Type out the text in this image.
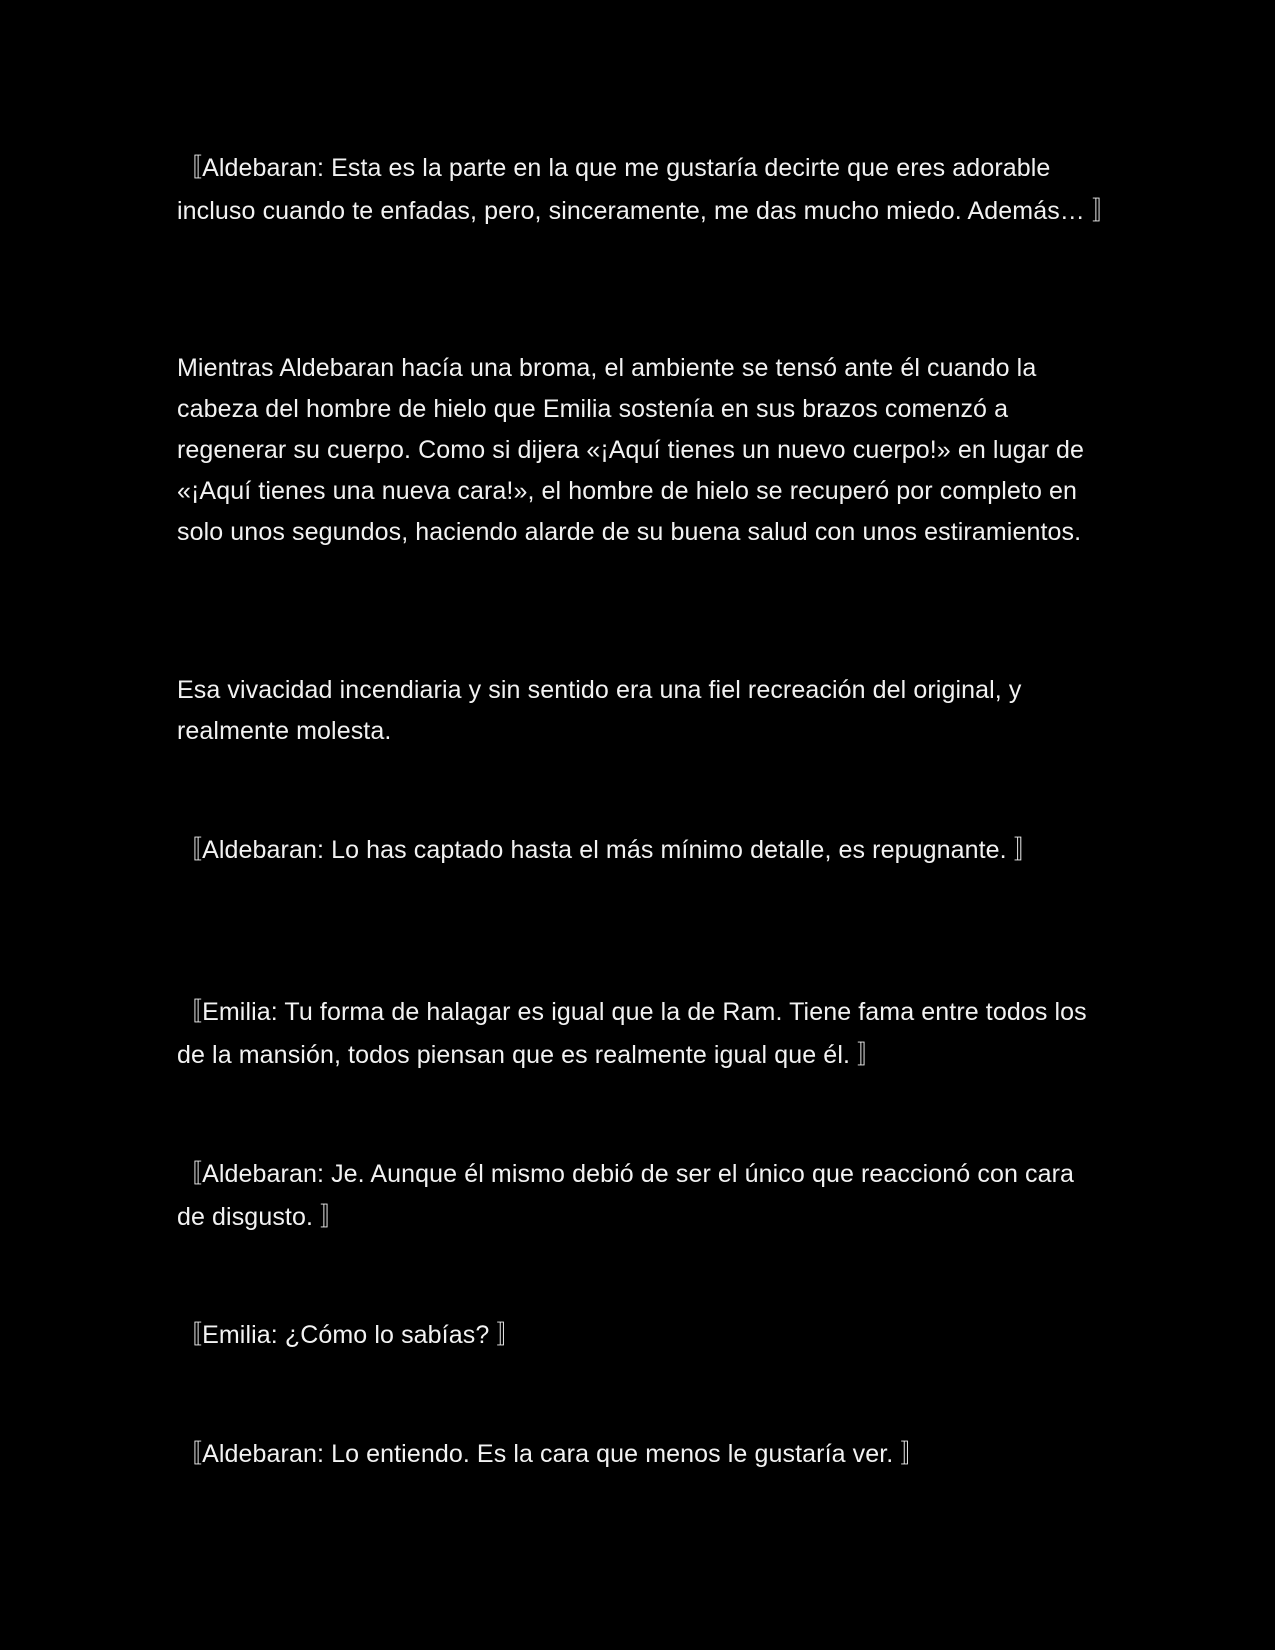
〚Aldebaran: Esta es la parte en la que me gustaría decirte que eres adorable incluso cuando te enfadas, pero, sinceramente, me das mucho miedo. Además… 〛

Mientras Aldebaran hacía una broma, el ambiente se tensó ante él cuando la cabeza del hombre de hielo que Emilia sostenía en sus brazos comenzó a regenerar su cuerpo. Como si dijera «¡Aquí tienes un nuevo cuerpo!» en lugar de «¡Aquí tienes una nueva cara!», el hombre de hielo se recuperó por completo en solo unos segundos, haciendo alarde de su buena salud con unos estiramientos.

Esa vivacidad incendiaria y sin sentido era una fiel recreación del original, y realmente molesta.

〚Aldebaran: Lo has captado hasta el más mínimo detalle, es repugnante. 〛

〚Emilia: Tu forma de halagar es igual que la de Ram. Tiene fama entre todos los de la mansión, todos piensan que es realmente igual que él. 〛

〚Aldebaran: Je. Aunque él mismo debió de ser el único que reaccionó con cara de disgusto. 〛

〚Emilia: ¿Cómo lo sabías? 〛

〚Aldebaran: Lo entiendo. Es la cara que menos le gustaría ver. 〛
